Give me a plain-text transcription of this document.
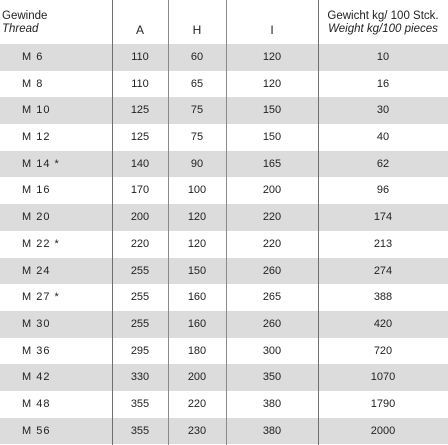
Gewinde
Thread	A	H	I
Gewicht kg/ 100 Stck.
Weight kg/100 pieces
M 6	110	60	120	10
M 8	110	65	120	16
M 10	125	75	150	30
M 12	125	75	150	40
M 14 *	140	90	165	62
M 16	170	100	200	96
M 20	200	120	220	174
M 22 *	220	120	220	213
M 24	255	150	260	274
M 27 *	255	160	265	388
M 30	255	160	260	420
M 36	295	180	300	720
M 42	330	200	350	1070
M 48	355	220	380	1790
M 56	355	230	380	2000
